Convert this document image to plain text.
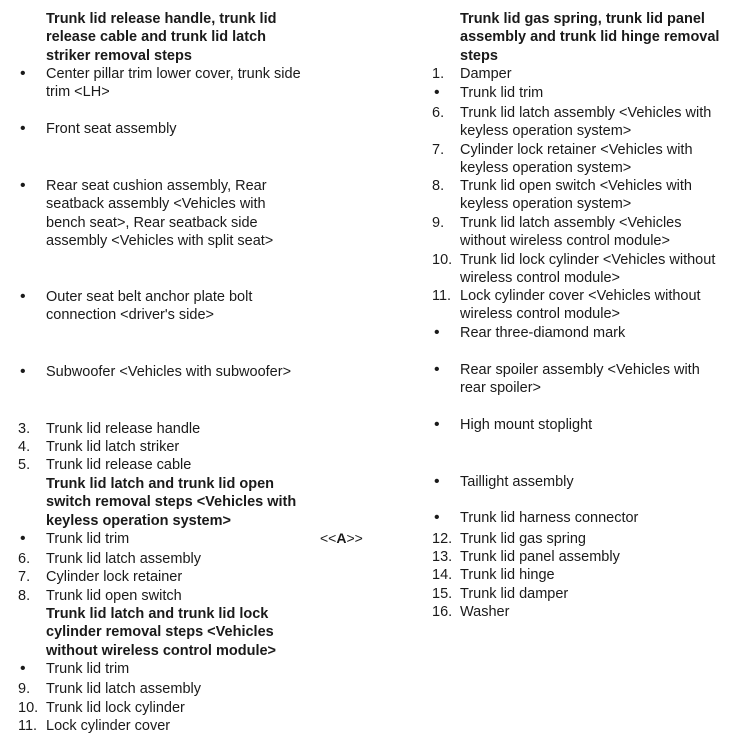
Trunk lid release handle, trunk lid release cable and trunk lid latch striker removal steps
•	Center pillar trim lower cover, trunk side trim <LH>
•	Front seat assembly
•	Rear seat cushion assembly, Rear seatback assembly <Vehicles with bench seat>, Rear seatback side assembly <Vehicles with split seat>
•	Outer seat belt anchor plate bolt connection <driver's side>
•	Subwoofer <Vehicles with subwoofer>
3.	Trunk lid release handle
4.	Trunk lid latch striker
5.	Trunk lid release cable
Trunk lid latch and trunk lid open switch removal steps <Vehicles with keyless operation system>
•	Trunk lid trim
6.	Trunk lid latch assembly
7.	Cylinder lock retainer
8.	Trunk lid open switch
Trunk lid latch and trunk lid lock cylinder removal steps <Vehicles without wireless control module>
•	Trunk lid trim
9.	Trunk lid latch assembly
10. Trunk lid lock cylinder
11. Lock cylinder cover
<<A>>
Trunk lid gas spring, trunk lid panel assembly and trunk lid hinge removal steps
1.	Damper
•	Trunk lid trim
6.	Trunk lid latch assembly <Vehicles with keyless operation system>
7.	Cylinder lock retainer <Vehicles with keyless operation system>
8.	Trunk lid open switch <Vehicles with keyless operation system>
9.	Trunk lid latch assembly <Vehicles without wireless control module>
10. Trunk lid lock cylinder <Vehicles without wireless control module>
11. Lock cylinder cover <Vehicles without wireless control module>
•	Rear three-diamond mark
•	Rear spoiler assembly <Vehicles with rear spoiler>
•	High mount stoplight
•	Taillight assembly
•	Trunk lid harness connector
12. Trunk lid gas spring
13. Trunk lid panel assembly
14. Trunk lid hinge
15. Trunk lid damper
16. Washer
